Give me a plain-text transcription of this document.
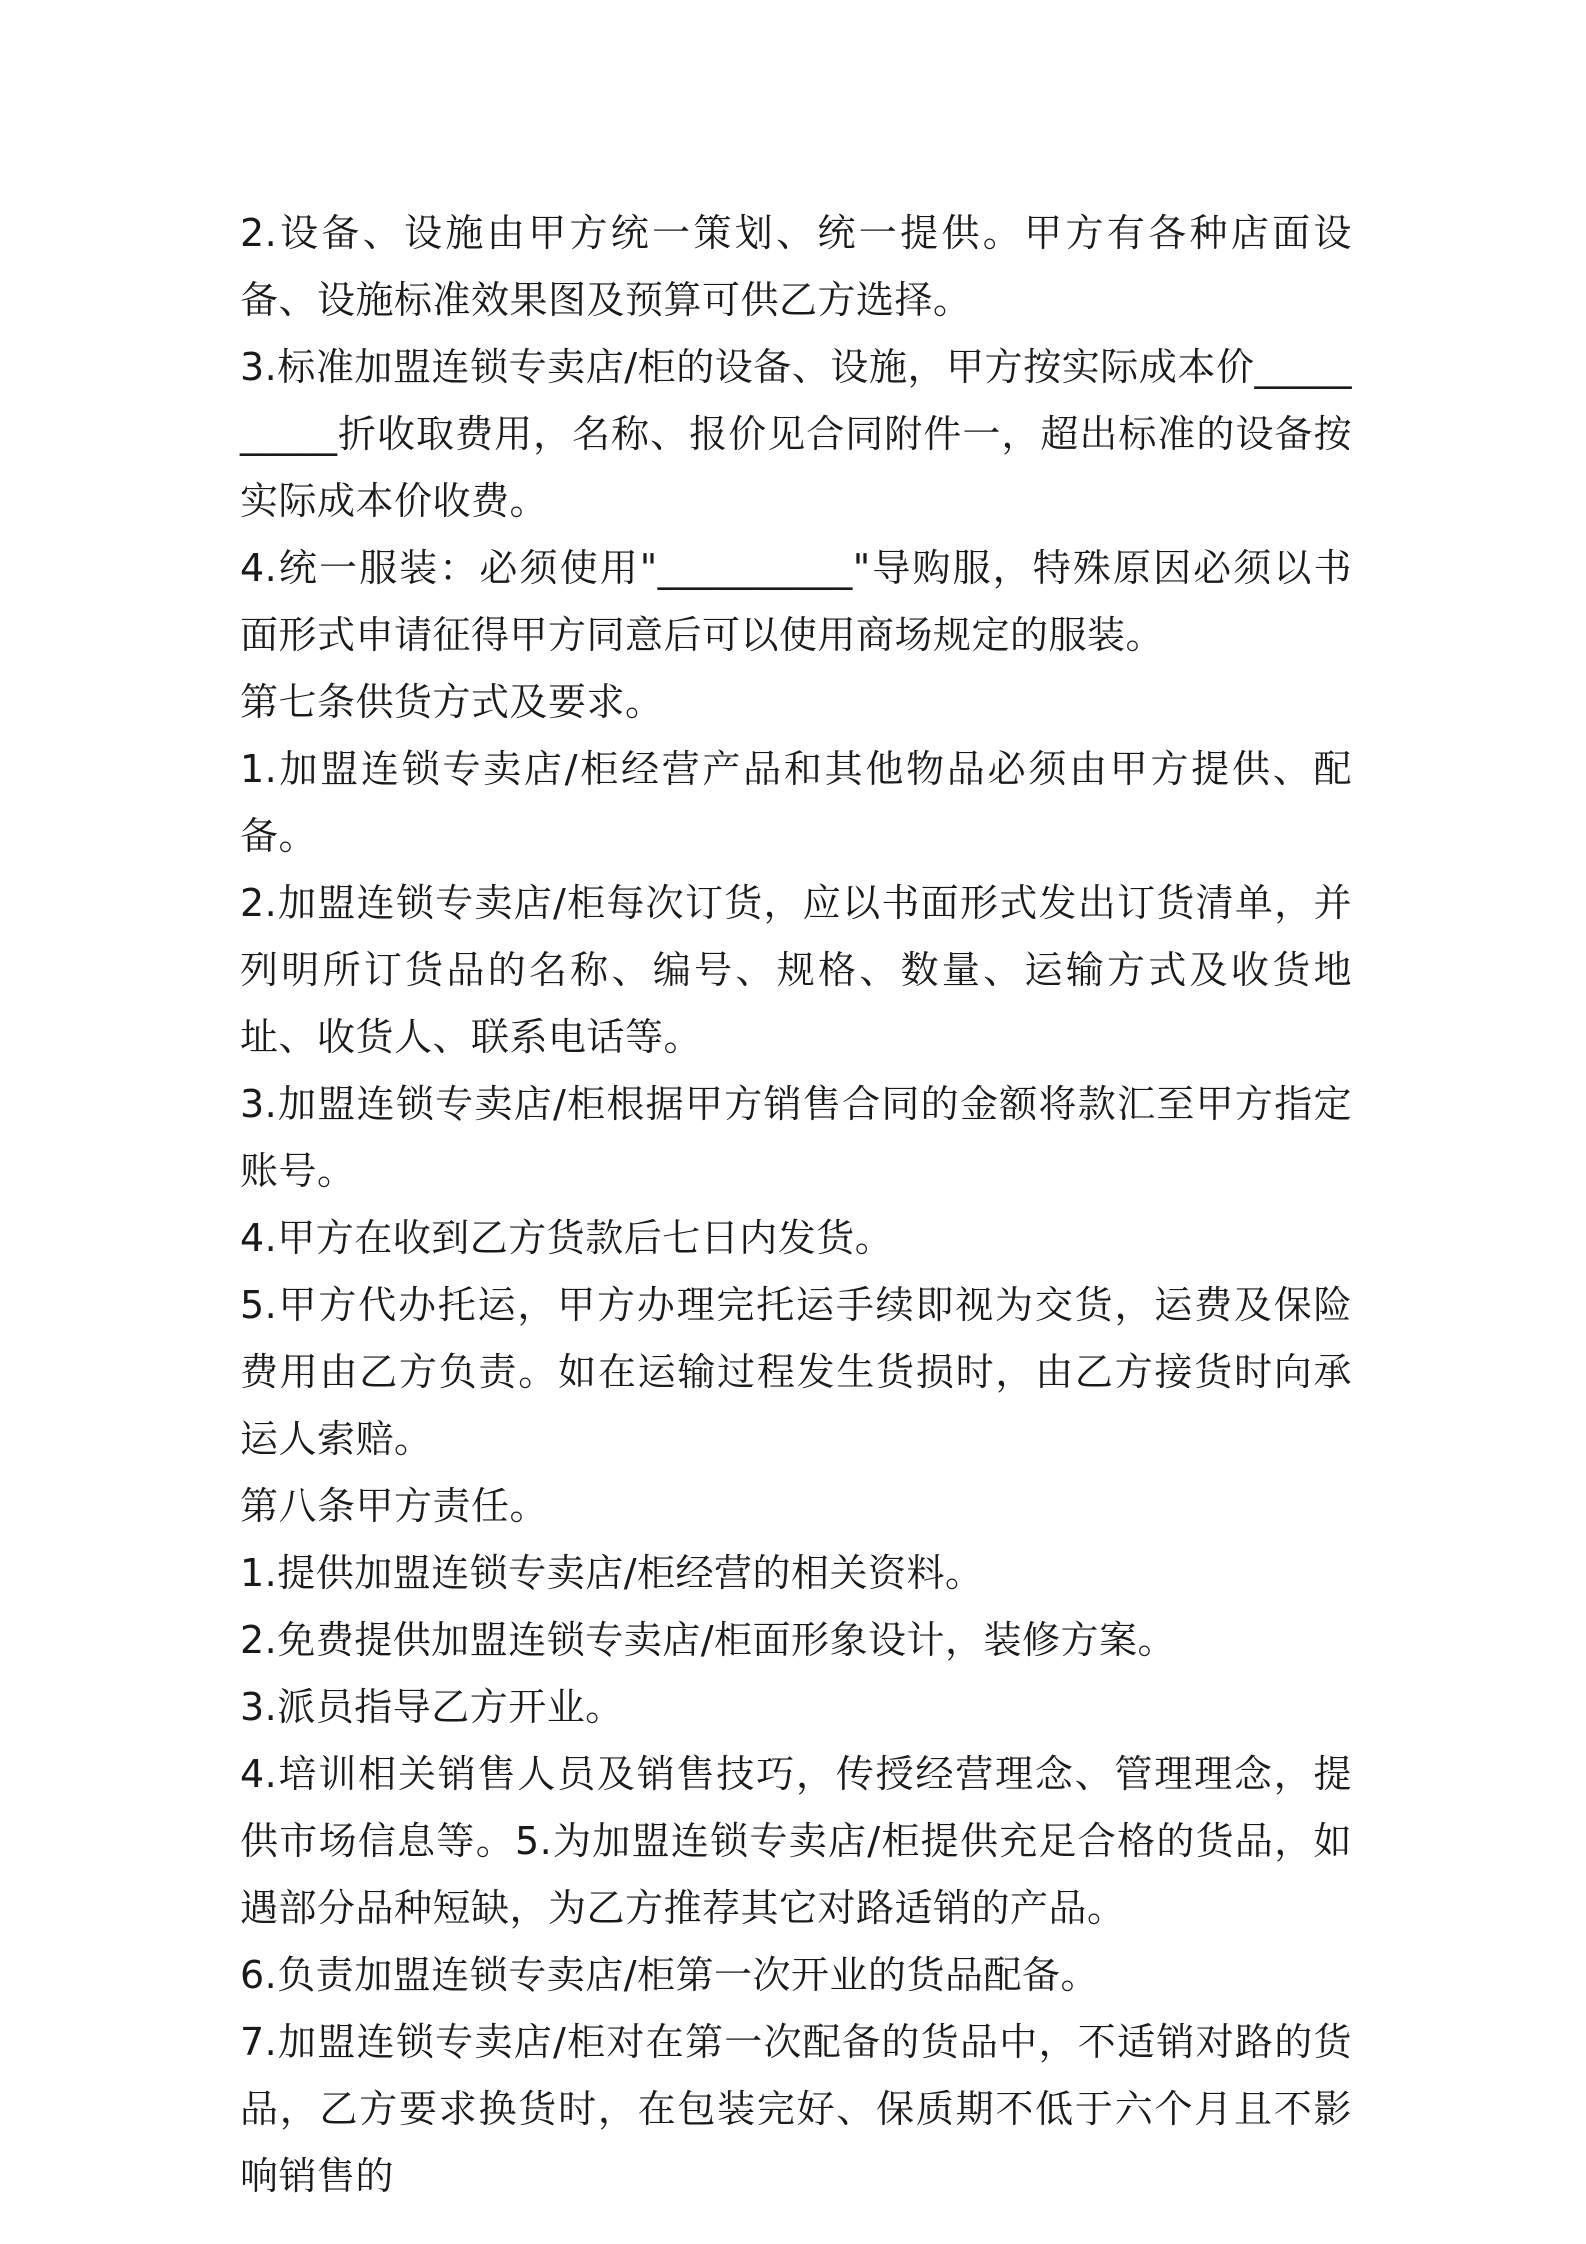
2.设备、设施由甲方统一策划、统一提供。甲方有各种店面设备、设施标准效果图及预算可供乙方选择。

3.标准加盟连锁专卖店/柜的设备、设施，甲方按实际成本价__________折收取费用，名称、报价见合同附件一，超出标准的设备按实际成本价收费。

4.统一服装：必须使用"__________"导购服，特殊原因必须以书面形式申请征得甲方同意后可以使用商场规定的服装。

第七条供货方式及要求。

1.加盟连锁专卖店/柜经营产品和其他物品必须由甲方提供、配备。

2.加盟连锁专卖店/柜每次订货，应以书面形式发出订货清单，并列明所订货品的名称、编号、规格、数量、运输方式及收货地址、收货人、联系电话等。

3.加盟连锁专卖店/柜根据甲方销售合同的金额将款汇至甲方指定账号。

4.甲方在收到乙方货款后七日内发货。

5.甲方代办托运，甲方办理完托运手续即视为交货，运费及保险费用由乙方负责。如在运输过程发生货损时，由乙方接货时向承运人索赔。

第八条甲方责任。

1.提供加盟连锁专卖店/柜经营的相关资料。

2.免费提供加盟连锁专卖店/柜面形象设计，装修方案。

3.派员指导乙方开业。

4.培训相关销售人员及销售技巧，传授经营理念、管理理念，提供市场信息等。5.为加盟连锁专卖店/柜提供充足合格的货品，如遇部分品种短缺，为乙方推荐其它对路适销的产品。

6.负责加盟连锁专卖店/柜第一次开业的货品配备。

7.加盟连锁专卖店/柜对在第一次配备的货品中，不适销对路的货品，乙方要求换货时，在包装完好、保质期不低于六个月且不影响销售的
